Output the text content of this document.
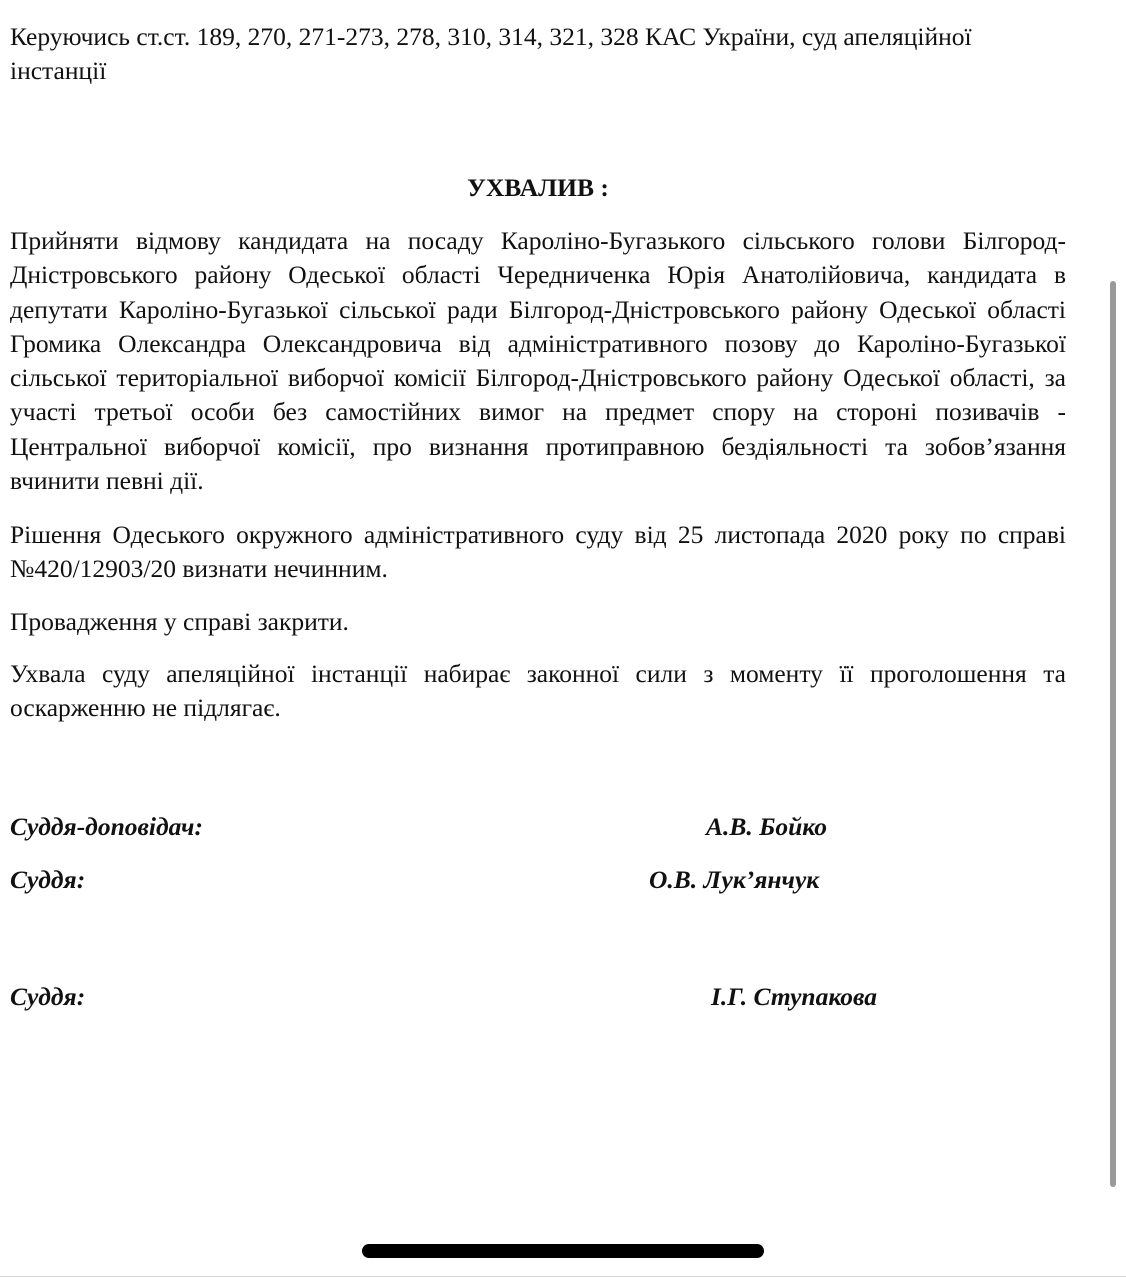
Керуючись ст.ст. 189, 270, 271-273, 278, 310, 314, 321, 328 КАС України, суд апеляційної інстанції

УХВАЛИВ :

Прийняти відмову кандидата на посаду Кароліно-Бугазького сільського голови Білгород-Дністровського району Одеської області Чередниченка Юрія Анатолійовича, кандидата в депутати Кароліно-Бугазької сільської ради Білгород-Дністровського району Одеської області Громика Олександра Олександровича від адміністративного позову до Кароліно-Бугазької сільської територіальної виборчої комісії Білгород-Дністровського району Одеської області, за участі третьої особи без самостійних вимог на предмет спору на стороні позивачів - Центральної виборчої комісії, про визнання протиправною бездіяльності та зобов’язання вчинити певні дії.

Рішення Одеського окружного адміністративного суду від 25 листопада 2020 року по справі №420/12903/20 визнати нечинним.

Провадження у справі закрити.

Ухвала суду апеляційної інстанції набирає законної сили з моменту її проголошення та оскарженню не підлягає.

Суддя-доповідач:	А.В. Бойко
Суддя:	О.В. Лук’янчук
Суддя:	І.Г. Ступакова
